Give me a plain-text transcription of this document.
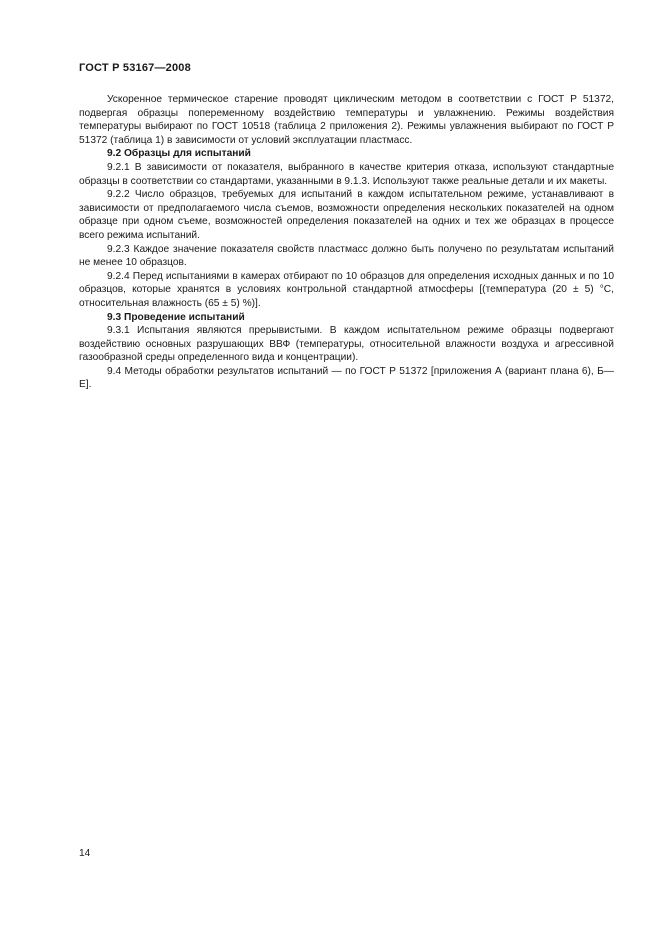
ГОСТ Р 53167—2008

Ускоренное термическое старение проводят циклическим методом в соответствии с ГОСТ Р 51372, подвергая образцы попеременному воздействию температуры и увлажнению. Режимы воздействия температуры выбирают по ГОСТ 10518 (таблица 2 приложения 2). Режимы увлажнения выбирают по ГОСТ Р 51372 (таблица 1) в зависимости от условий эксплуатации пластмасс.

9.2 Образцы для испытаний

9.2.1 В зависимости от показателя, выбранного в качестве критерия отказа, используют стандартные образцы в соответствии со стандартами, указанными в 9.1.3. Используют также реальные детали и их макеты.

9.2.2 Число образцов, требуемых для испытаний в каждом испытательном режиме, устанавливают в зависимости от предполагаемого числа съемов, возможности определения нескольких показателей на одном образце при одном съеме, возможностей определения показателей на одних и тех же образцах в процессе всего режима испытаний.

9.2.3 Каждое значение показателя свойств пластмасс должно быть получено по результатам испытаний не менее 10 образцов.

9.2.4 Перед испытаниями в камерах отбирают по 10 образцов для определения исходных данных и по 10 образцов, которые хранятся в условиях контрольной стандартной атмосферы [(температура (20 ± 5) °С, относительная влажность (65 ± 5) %)].

9.3 Проведение испытаний

9.3.1 Испытания являются прерывистыми. В каждом испытательном режиме образцы подвергают воздействию основных разрушающих ВВФ (температуры, относительной влажности воздуха и агрессивной газообразной среды определенного вида и концентрации).

9.4 Методы обработки результатов испытаний — по ГОСТ Р 51372 [приложения А (вариант плана 6), Б—Е].

14
